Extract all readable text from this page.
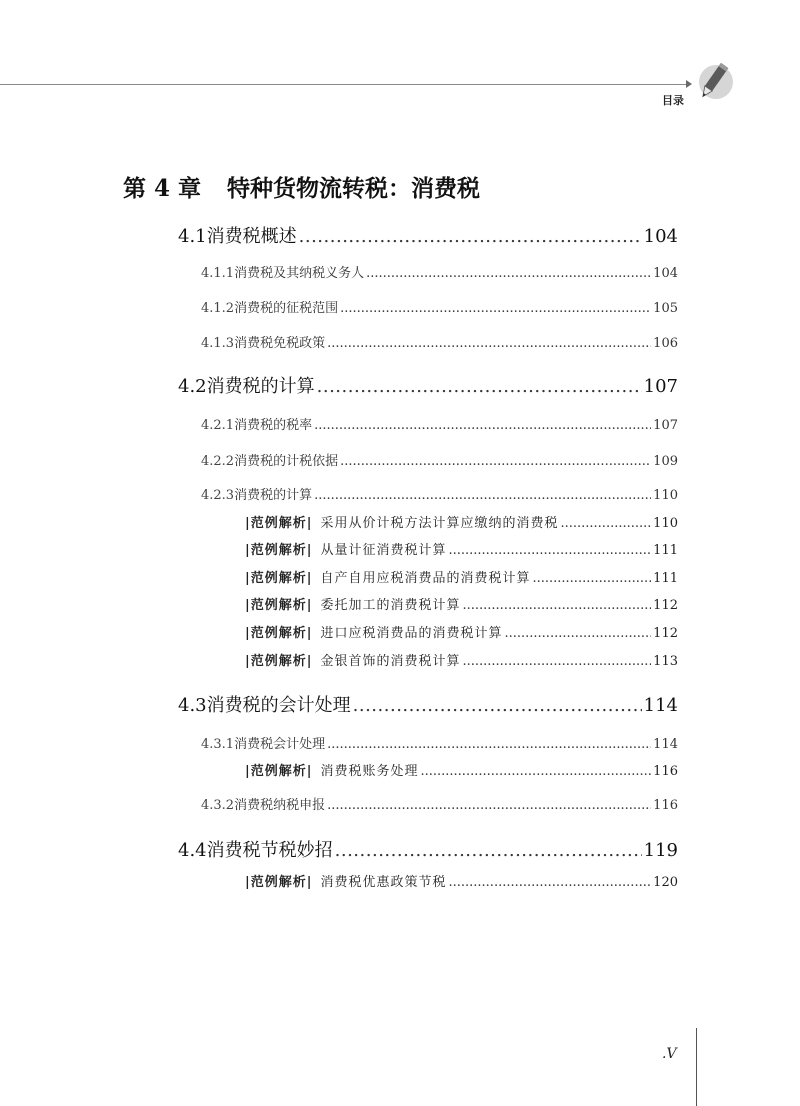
目录
第 4 章 特种货物流转税：消费税
4.1 消费税概述 .....	104
4.1.1 消费税及其纳税义务人 .....	104
4.1.2 消费税的征税范围 .....	105
4.1.3 消费税免税政策 .....	106
4.2 消费税的计算 .....	107
4.2.1 消费税的税率 .....	107
4.2.2 消费税的计税依据 .....	109
4.2.3 消费税的计算 .....	110
|范例解析| 采用从价计税方法计算应缴纳的消费税 .....	110
|范例解析| 从量计征消费税计算 .....	111
|范例解析| 自产自用应税消费品的消费税计算 .....	111
|范例解析| 委托加工的消费税计算 .....	112
|范例解析| 进口应税消费品的消费税计算 .....	112
|范例解析| 金银首饰的消费税计算 .....	113
4.3 消费税的会计处理 .....	114
4.3.1 消费税会计处理 .....	114
|范例解析| 消费税账务处理 .....	116
4.3.2 消费税纳税申报 .....	116
4.4 消费税节税妙招 .....	119
|范例解析| 消费税优惠政策节税 .....	120
.V
